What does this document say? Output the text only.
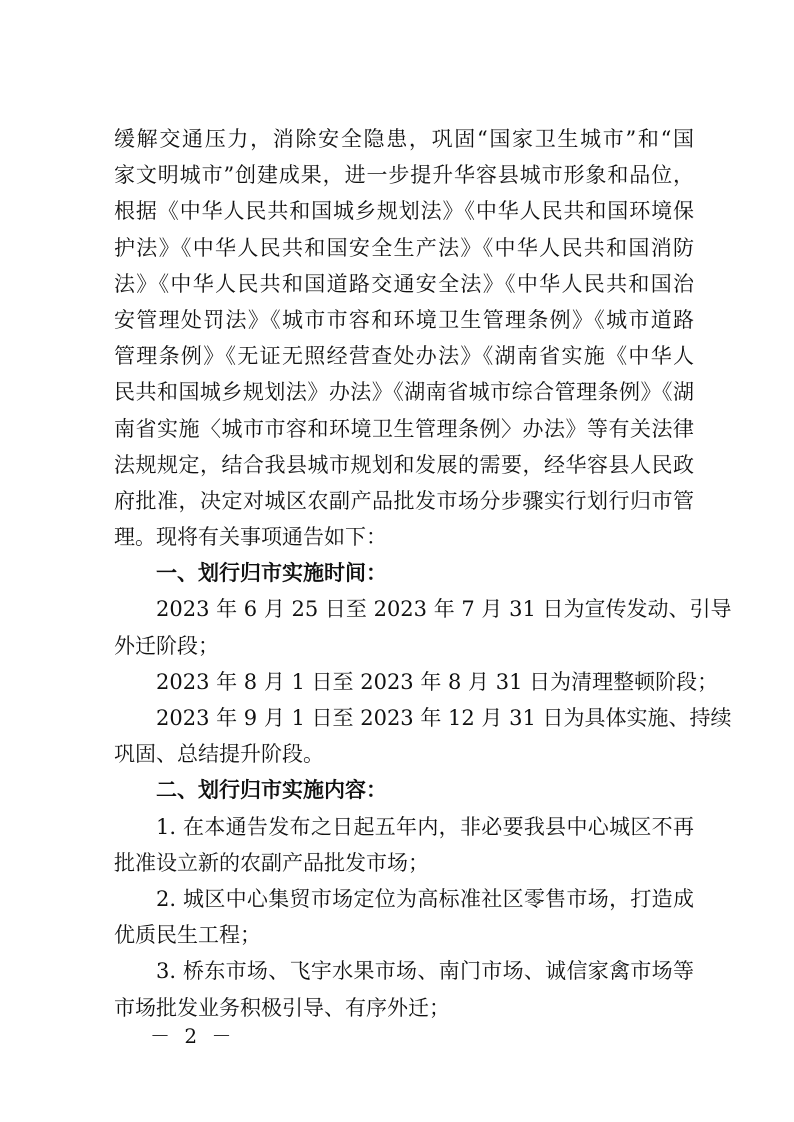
缓解交通压力，消除安全隐患，巩固“国家卫生城市”和“国
家文明城市”创建成果，进一步提升华容县城市形象和品位，
根据《中华人民共和国城乡规划法》《中华人民共和国环境保
护法》《中华人民共和国安全生产法》《中华人民共和国消防
法》《中华人民共和国道路交通安全法》《中华人民共和国治
安管理处罚法》《城市市容和环境卫生管理条例》《城市道路
管理条例》《无证无照经营查处办法》《湖南省实施《中华人
民共和国城乡规划法》办法》《湖南省城市综合管理条例》《湖
南省实施〈城市市容和环境卫生管理条例〉办法》等有关法律
法规规定，结合我县城市规划和发展的需要，经华容县人民政
府批准，决定对城区农副产品批发市场分步骤实行划行归市管
理。现将有关事项通告如下：
一、划行归市实施时间：
2023 年 6 月 25 日至 2023 年 7 月 31 日为宣传发动、引导
外迁阶段；
2023 年 8 月 1 日至 2023 年 8 月 31 日为清理整顿阶段；
2023 年 9 月 1 日至 2023 年 12 月 31 日为具体实施、持续
巩固、总结提升阶段。
二、划行归市实施内容：
1. 在本通告发布之日起五年内，非必要我县中心城区不再
批准设立新的农副产品批发市场；
2. 城区中心集贸市场定位为高标准社区零售市场，打造成
优质民生工程；
3. 桥东市场、飞宇水果市场、南门市场、诚信家禽市场等
市场批发业务积极引导、有序外迁；
－ 2 －
